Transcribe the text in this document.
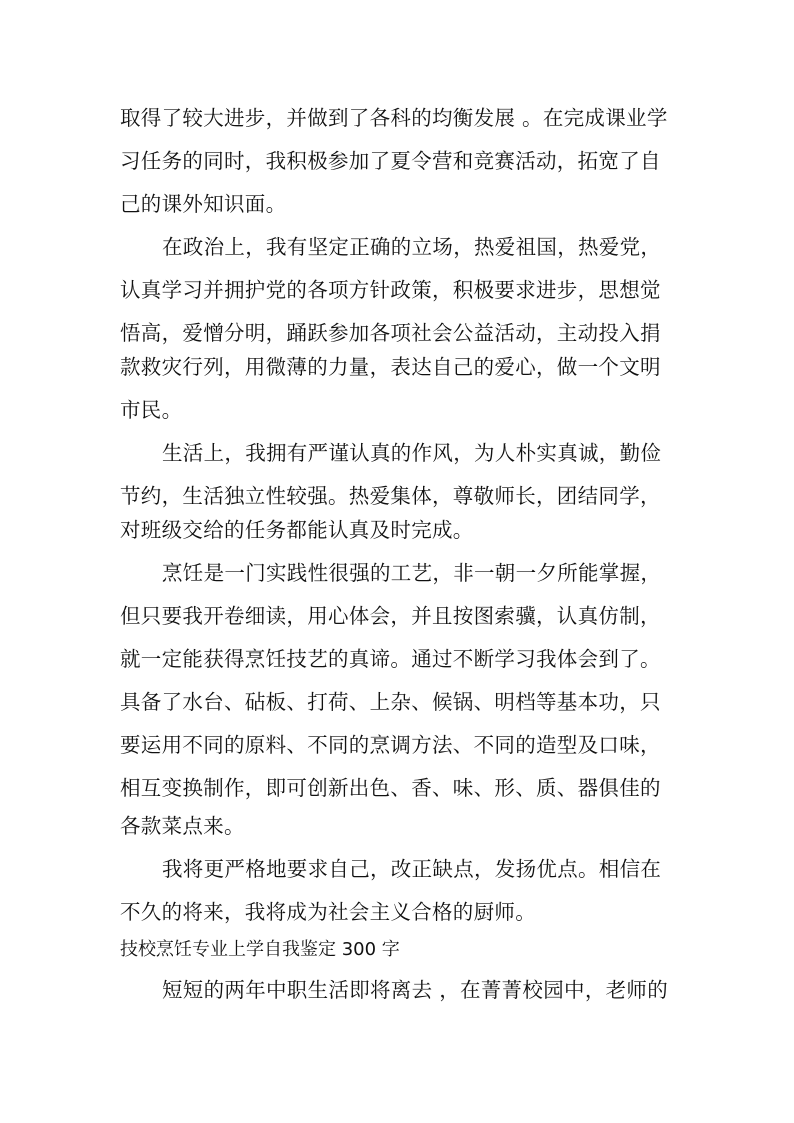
取得了较大进步，并做到了各科的均衡发展 。在完成课业学
习任务的同时，我积极参加了夏令营和竞赛活动，拓宽了自
己的课外知识面。
在政治上，我有坚定正确的立场，热爱祖国，热爱党，
认真学习并拥护党的各项方针政策，积极要求进步，思想觉
悟高，爱憎分明，踊跃参加各项社会公益活动，主动投入捐
款救灾行列，用微薄的力量，表达自己的爱心，做一个文明
市民。
生活上，我拥有严谨认真的作风，为人朴实真诚，勤俭
节约，生活独立性较强。热爱集体，尊敬师长，团结同学，
对班级交给的任务都能认真及时完成。
烹饪是一门实践性很强的工艺，非一朝一夕所能掌握，
但只要我开卷细读，用心体会，并且按图索骥，认真仿制，
就一定能获得烹饪技艺的真谛。通过不断学习我体会到了。
具备了水台、砧板、打荷、上杂、候锅、明档等基本功，只
要运用不同的原料、不同的烹调方法、不同的造型及口味，
相互变换制作，即可创新出色、香、味、形、质、器俱佳的
各款菜点来。
我将更严格地要求自己，改正缺点，发扬优点。相信在
不久的将来，我将成为社会主义合格的厨师。
技校烹饪专业上学自我鉴定 300 字
短短的两年中职生活即将离去 ，在菁菁校园中，老师的
